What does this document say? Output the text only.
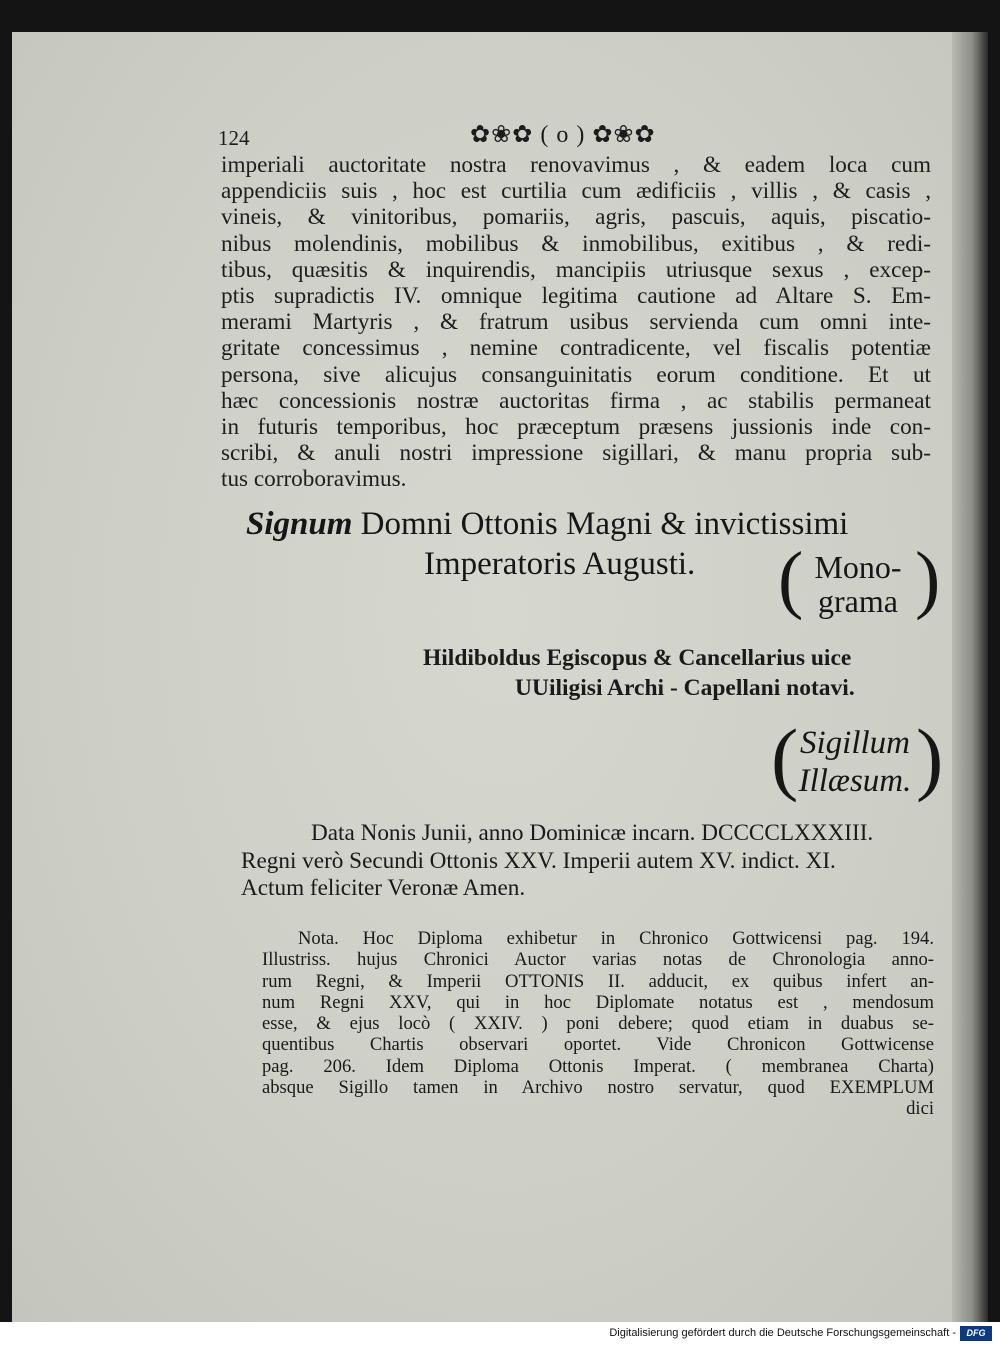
124	✿❀✿ ( o ) ✿❀✿
imperiali auctoritate nostra renovavimus , & eadem loca cum
appendiciis suis , hoc est curtilia cum ædificiis , villis , & casis ,
vineis, & vinitoribus, pomariis, agris, pascuis, aquis, piscatio-
nibus molendinis, mobilibus & inmobilibus, exitibus , & redi-
tibus, quæsitis & inquirendis, mancipiis utriusque sexus , excep-
ptis supradictis IV. omnique legitima cautione ad Altare S. Em-
merami Martyris , & fratrum usibus servienda cum omni inte-
gritate concessimus , nemine contradicente, vel fiscalis potentiæ
persona, sive alicujus consanguinitatis eorum conditione. Et ut
hæc concessionis nostræ auctoritas firma , ac stabilis permaneat
in futuris temporibus, hoc præceptum præsens jussionis inde con-
scribi, & anuli nostri impressione sigillari, & manu propria sub-
tus corroboravimus.
Signum Domni Ottonis Magni & invictissimi
Imperatoris Augusti. ( Mono-
grama )
Hildiboldus Egiscopus & Cancellarius uice
UUiligisi Archi - Capellani notavi.
( Sigillum
Illæsum. )
Data Nonis Junii, anno Dominicæ incarn. DCCCCLXXXIII.
Regni verò Secundi Ottonis XXV. Imperii autem XV. indict. XI.
Actum feliciter Veronæ Amen.
Nota. Hoc Diploma exhibetur in Chronico Gottwicensi pag. 194.
Illustriss. hujus Chronici Auctor varias notas de Chronologia anno-
rum Regni, & Imperii OTTONIS II. adducit, ex quibus infert an-
num Regni XXV, qui in hoc Diplomate notatus est , mendosum
esse, & ejus locò ( XXIV. ) poni debere; quod etiam in duabus se-
quentibus Chartis observari oportet. Vide Chronicon Gottwicense
pag. 206. Idem Diploma Ottonis Imperat. ( membranea Charta)
absque Sigillo tamen in Archivo nostro servatur, quod EXEMPLUM
dici
Digitalisierung gefördert durch die Deutsche Forschungsgemeinschaft -	DFG
